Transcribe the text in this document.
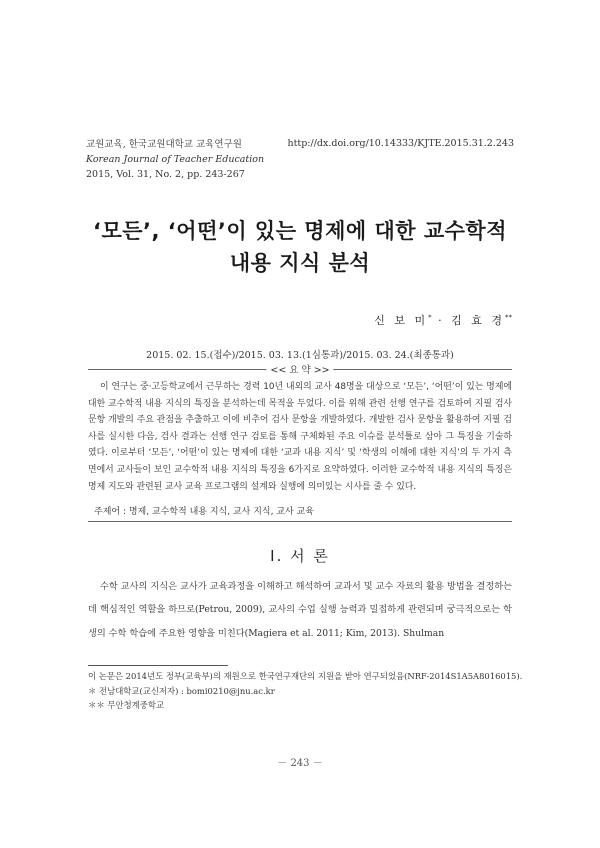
교원교육, 한국교원대학교 교육연구원
Korean Journal of Teacher Education
2015, Vol. 31, No. 2, pp. 243-267
http://dx.doi.org/10.14333/KJTE.2015.31.2.243
‘모든’, ‘어떤’이 있는 명제에 대한 교수학적
내용 지식 분석
신 보 미* · 김 효 경**
2015. 02. 15.(접수)/2015. 03. 13.(1심통과)/2015. 03. 24.(최종통과)
<< 요 약 >>
이 연구는 중·고등학교에서 근무하는 경력 10년 내외의 교사 48명을 대상으로 ‘모든’, ‘어떤’이 있는 명제에 대한 교수학적 내용 지식의 특징을 분석하는데 목적을 두었다. 이를 위해 관련 선행 연구를 검토하여 지필 검사 문항 개발의 주요 관점을 추출하고 이에 비추어 검사 문항을 개발하였다. 개발한 검사 문항을 활용하여 지필 검사를 실시한 다음, 검사 결과는 선행 연구 검토를 통해 구체화된 주요 이슈를 분석틀로 삼아 그 특징을 기술하였다. 이로부터 ‘모든’, ‘어떤’이 있는 명제에 대한 ‘교과 내용 지식’ 및 ‘학생의 이해에 대한 지식’의 두 가지 측면에서 교사들이 보인 교수학적 내용 지식의 특징을 6가지로 요약하였다. 이러한 교수학적 내용 지식의 특징은 명제 지도와 관련된 교사 교육 프로그램의 설계와 실행에 의미있는 시사를 줄 수 있다.
주제어 : 명제, 교수학적 내용 지식, 교사 지식, 교사 교육
I. 서 론
수학 교사의 지식은 교사가 교육과정을 이해하고 해석하여 교과서 및 교수 자료의 활용 방법을 결정하는데 핵심적인 역할을 하므로(Petrou, 2009), 교사의 수업 실행 능력과 밀접하게 관련되며 궁극적으로는 학생의 수학 학습에 주요한 영향을 미친다(Magiera et al. 2011; Kim, 2013). Shulman
이 논문은 2014년도 정부(교육부)의 재원으로 한국연구재단의 지원을 받아 연구되었음(NRF-2014S1A5A8016015).
＊ 전남대학교(교신저자) : bomi0210@jnu.ac.kr
＊＊ 무안청계중학교
－ 243 －
